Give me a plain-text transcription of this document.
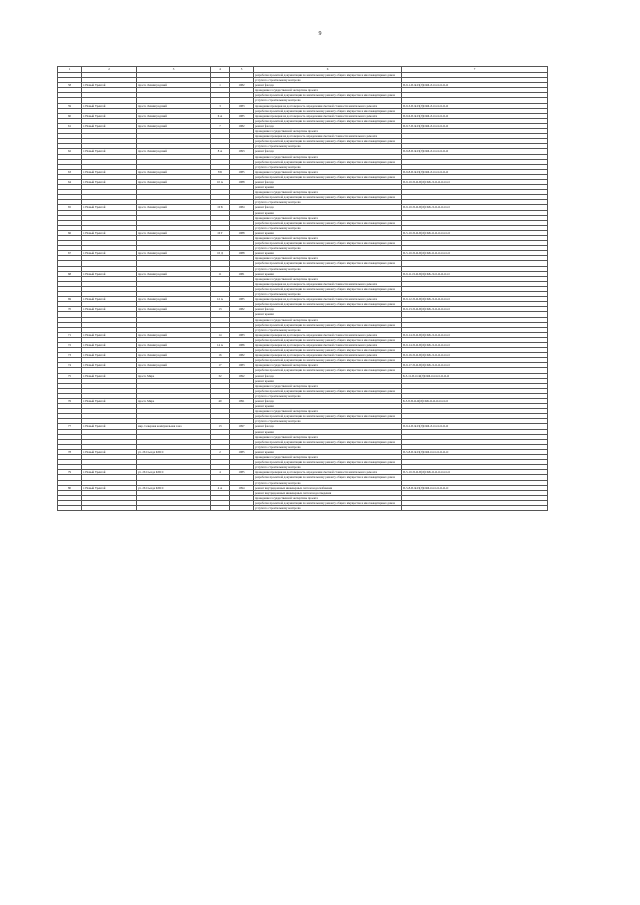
9
1	2	3	4	5	6	7
					разработка проектной документации по капитальному ремонту общего имущества в многоквартирных домах	
					услуги по строительному контролю	
58	г. Новый Уренгой	просп. Ленинградский	1	1982	ремонт фасада	П-9-1-П-Я-П(Л)СКБ-Л-О-О-О-О-О
					проведение государственной экспертизы проекта	
					разработка проектной документации по капитальному ремонту общего имущества в многоквартирных домах	
					услуги по строительному контролю	
59	г. Новый Уренгой	просп. Ленинградский	3	1983	проведение проверки на достоверность определения сметной стоимости капитального ремонта	П-9-3-П-Я-П(Л)СКБ-Л-О-О-О-О-О
					разработка проектной документации по капитальному ремонту общего имущества в многоквартирных домах	
60	г. Новый Уренгой	просп. Ленинградский	6 А	1985	проведение проверки на достоверность определения сметной стоимости капитального ремонта	П-9-6-П-Я-П(Л)СКБ-Л-О-О-О-О-О
					разработка проектной документации по капитальному ремонту общего имущества в многоквартирных домах	
61	г. Новый Уренгой	просп. Ленинградский	7	1982	ремонт фасада	П-9-7-П-Я-П(Л)СКБ-Л-О-О-О-О-О
					проведение государственной экспертизы проекта	
					проведение проверки на достоверность определения сметной стоимости капитального ремонта	
					разработка проектной документации по капитальному ремонту общего имущества в многоквартирных домах	
					услуги по строительному контролю	
62	г. Новый Уренгой	просп. Ленинградский	8 А	1993	ремонт фасада	П-9-8-П-Я-П(Л)СКБ-Л-О-О-О-О-О
					проведение государственной экспертизы проекта	
					разработка проектной документации по капитальному ремонту общего имущества в многоквартирных домах	
					услуги по строительному контролю	
63	г. Новый Уренгой	просп. Ленинградский	8 Б	1985	проведение государственной экспертизы проекта	П-9-8-П-Я-П(Л)СКБ-Л-О-О-О-О-О
					разработка проектной документации по капитальному ремонту общего имущества в многоквартирных домах	
64	г. Новый Уренгой	просп. Ленинградский	10 А	1988	ремонт фасада	П-9-10-П-Я-П(Л)СКБ-Л-О-О-О-О-О
					ремонт крыши	
					проведение государственной экспертизы проекта	
					разработка проектной документации по капитальному ремонту общего имущества в многоквартирных домах	
					услуги по строительному контролю	
65	г. Новый Уренгой	просп. Ленинградский	10 Б	1984	ремонт фасада	П-9-10-П-Я-П(Л)СКБ-Л-О-О-О-О-О
					ремонт крыши	
					проведение государственной экспертизы проекта	
					разработка проектной документации по капитальному ремонту общего имущества в многоквартирных домах	
					услуги по строительному контролю	
66	г. Новый Уренгой	просп. Ленинградский	10 Г	1988	ремонт крыши	П-5-10-П-Я-П(Л)СКБ-О-О-О-О-О-О
					проведение государственной экспертизы проекта	
					разработка проектной документации по капитальному ремонту общего имущества в многоквартирных домах	
					услуги по строительному контролю	
67	г. Новый Уренгой	просп. Ленинградский	10 Д	1988	ремонт крыши	П-5-10-П-Я-П(Л)СКБ-О-О-О-О-О-О
					проведение государственной экспертизы проекта	
					разработка проектной документации по капитальному ремонту общего имущества в многоквартирных домах	
					услуги по строительному контролю	
68	г. Новый Уренгой	просп. Ленинградский	11	1981	ремонт крыши	П-9-11-П-Я-П(Л)СКБ-Л-О-О-О-О-О
					проведение государственной экспертизы проекта	
					проведение проверки на достоверность определения сметной стоимости капитального ремонта	
					разработка проектной документации по капитальному ремонту общего имущества в многоквартирных домах	
					услуги по строительному контролю	
69	г. Новый Уренгой	просп. Ленинградский	12 А	1985	проведение проверки на достоверность определения сметной стоимости капитального ремонта	П-9-12-П-Я-П(Л)СКБ-Л-О-О-О-О-О
					разработка проектной документации по капитальному ремонту общего имущества в многоквартирных домах	
70	г. Новый Уренгой	просп. Ленинградский	13	1982	ремонт фасада	П-9-13-П-Я-П(Л)СКБ-Л-О-О-О-О-О
					ремонт крыши	
					проведение государственной экспертизы проекта	
					разработка проектной документации по капитальному ремонту общего имущества в многоквартирных домах	
					услуги по строительному контролю	
71	г. Новый Уренгой	просп. Ленинградский	14	1983	проведение проверки на достоверность определения сметной стоимости капитального ремонта	П-9-14-П-Я-П(Л)СКБ-Л-О-О-О-О-О
					разработка проектной документации по капитальному ремонту общего имущества в многоквартирных домах	
72	г. Новый Уренгой	просп. Ленинградский	14 А	1986	проведение проверки на достоверность определения сметной стоимости капитального ремонта	П-9-14-П-Я-П(Л)СКБ-Л-О-О-О-О-О
					разработка проектной документации по капитальному ремонту общего имущества в многоквартирных домах	
73	г. Новый Уренгой	просп. Ленинградский	16	1982	проведение проверки на достоверность определения сметной стоимости капитального ремонта	П-9-16-П-Я-П(Л)СКБ-Л-О-О-О-О-О
					разработка проектной документации по капитальному ремонту общего имущества в многоквартирных домах	
74	г. Новый Уренгой	просп. Ленинградский	17	1983	проведение государственной экспертизы проекта	П-9-17-П-Я-П(Л)СКБ-Л-О-О-О-О-О
					разработка проектной документации по капитальному ремонту общего имущества в многоквартирных домах	
75	г. Новый Уренгой	просп. Мира	32	1992	ремонт фасада	Б-5-11-П-О-Я(Л)СКБ-О-О-О-О-О-О
					ремонт крыши	
					проведение государственной экспертизы проекта	
					разработка проектной документации по капитальному ремонту общего имущества в многоквартирных домах	
					услуги по строительному контролю	
76	г. Новый Уренгой	просп. Мира	40	1991	ремонт фасада	Б-5-8-П-О-Я(Л)СКБ-О-О-О-О-О-О
					ремонт крыши	
					проведение государственной экспертизы проекта	
					разработка проектной документации по капитальному ремонту общего имущества в многоквартирных домах	
					услуги по строительному контролю	
77	г. Новый Уренгой	мкр. Северная коммунальная зона	13	1997	ремонт фасада	П-9-2-П-Я-П(Л)СКБ-Л-О-О-О-О-О
					ремонт крыши	
					проведение государственной экспертизы проекта	
					разработка проектной документации по капитальному ремонту общего имущества в многоквартирных домах	
					услуги по строительному контролю	
78	г. Новый Уренгой	ул. 26 Съезда КПСС	2	1985	ремонт крыши	П-5-8-П-Я-П(Л)СКБ-О-О-О-О-О-О
					проведение государственной экспертизы проекта	
					разработка проектной документации по капитальному ремонту общего имущества в многоквартирных домах	
					услуги по строительному контролю	
79	г. Новый Уренгой	ул. 26 Съезда КПСС	4	1985	проведение проверки на достоверность определения сметной стоимости капитального ремонта	П-5-10-П-Я-П(Л)СКБ-О-О-О-О-О-О
					разработка проектной документации по капитальному ремонту общего имущества в многоквартирных домах	
					услуги по строительному контролю	
80	г. Новый Уренгой	ул. 26 Съезда КПСС	4 А	1994	ремонт внутридомовых инженерных систем водоснабжения	П-5-8-П-Я-П(Л)СКБ-О-О-О-О-О-О
					ремонт внутридомовых инженерных систем водоотведения	
					проведение государственной экспертизы проекта	
					разработка проектной документации по капитальному ремонту общего имущества в многоквартирных домах	
					услуги по строительному контролю	
